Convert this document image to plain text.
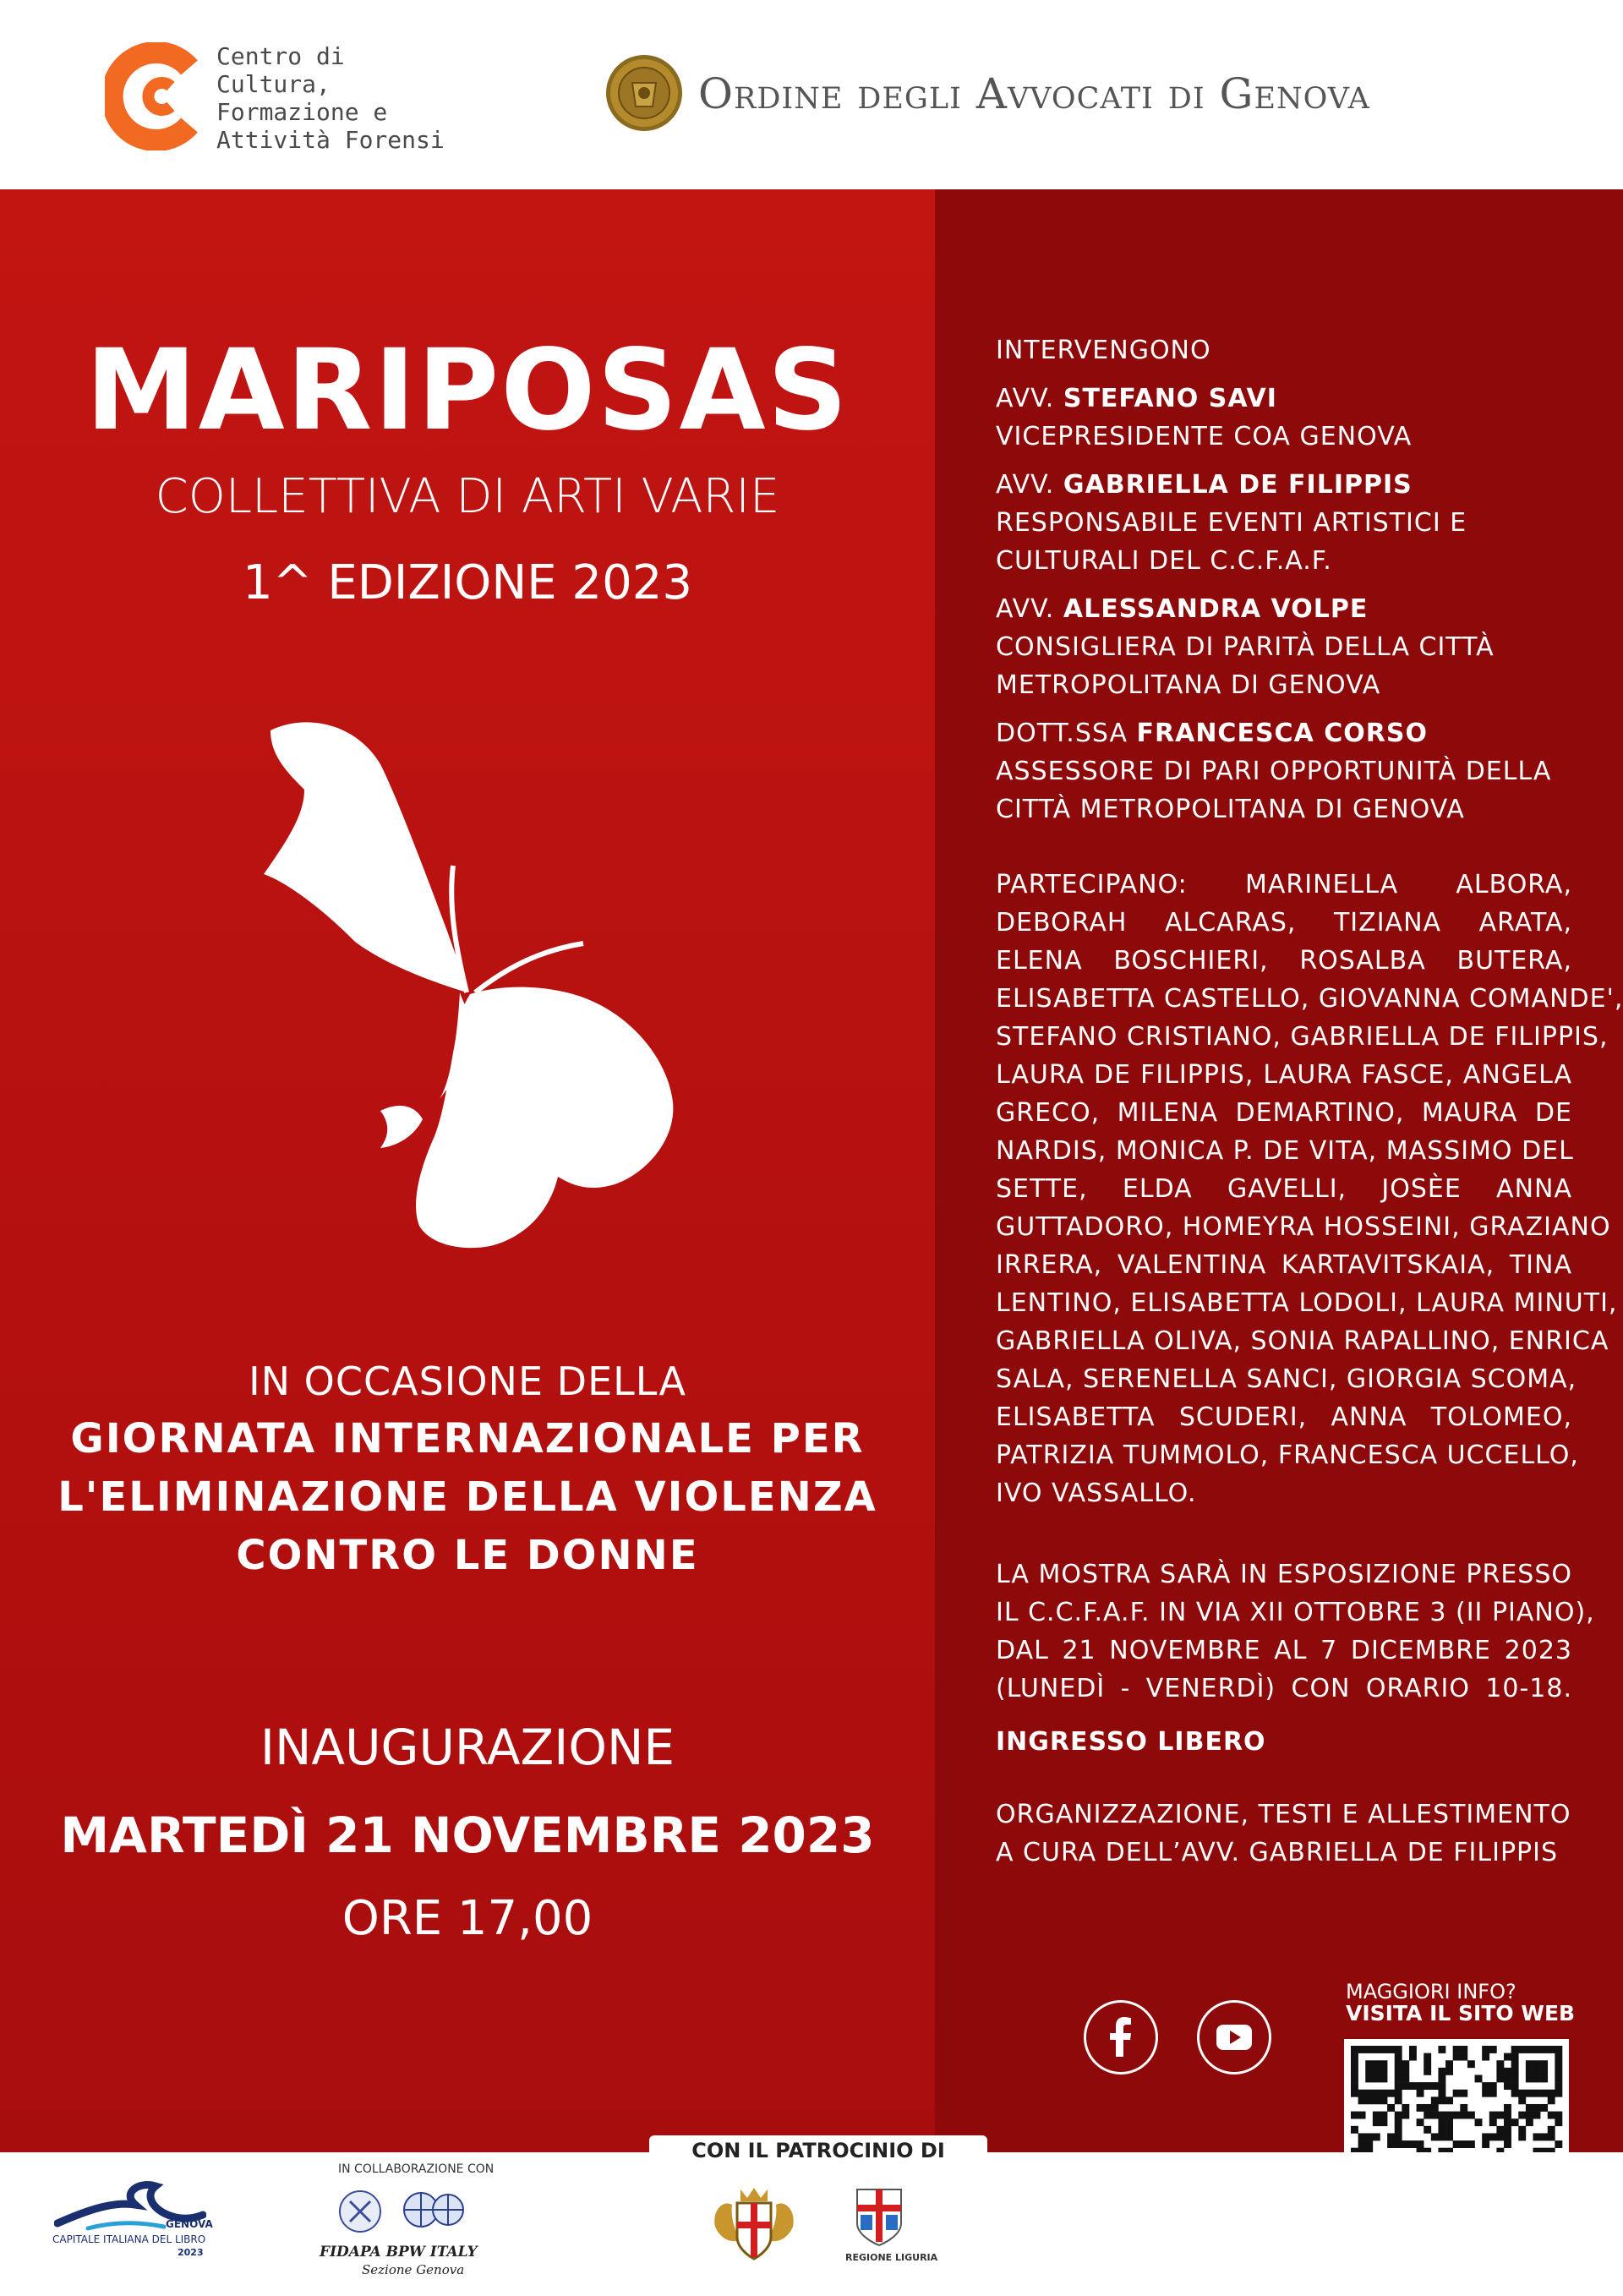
Centro di
Cultura,
Formazione e
Attività Forensi
Ordine degli Avvocati di Genova
MARIPOSAS
COLLETTIVA DI ARTI VARIE
1^ EDIZIONE 2023
IN OCCASIONE DELLA
GIORNATA INTERNAZIONALE PER
L'ELIMINAZIONE DELLA VIOLENZA
CONTRO LE DONNE
INAUGURAZIONE
MARTEDÌ 21 NOVEMBRE 2023
ORE 17,00
INTERVENGONO
AVV. STEFANO SAVI
VICEPRESIDENTE COA GENOVA
AVV. GABRIELLA DE FILIPPIS
RESPONSABILE EVENTI ARTISTICI E
CULTURALI DEL C.C.F.A.F.
AVV. ALESSANDRA VOLPE
CONSIGLIERA DI PARITÀ DELLA CITTÀ
METROPOLITANA DI GENOVA
DOTT.SSA FRANCESCA CORSO
ASSESSORE DI PARI OPPORTUNITÀ DELLA
CITTÀ METROPOLITANA DI GENOVA
PARTECIPANO: MARINELLA ALBORA,
DEBORAH ALCARAS, TIZIANA ARATA,
ELENA BOSCHIERI, ROSALBA BUTERA,
ELISABETTA CASTELLO, GIOVANNA COMANDE',
STEFANO CRISTIANO, GABRIELLA DE FILIPPIS,
LAURA DE FILIPPIS, LAURA FASCE, ANGELA
GRECO, MILENA DEMARTINO, MAURA DE
NARDIS, MONICA P. DE VITA, MASSIMO DEL
SETTE, ELDA GAVELLI, JOSÈE ANNA
GUTTADORO, HOMEYRA HOSSEINI, GRAZIANO
IRRERA, VALENTINA KARTAVITSKAIA, TINA
LENTINO, ELISABETTA LODOLI, LAURA MINUTI,
GABRIELLA OLIVA, SONIA RAPALLINO, ENRICA
SALA, SERENELLA SANCI, GIORGIA SCOMA,
ELISABETTA SCUDERI, ANNA TOLOMEO,
PATRIZIA TUMMOLO, FRANCESCA UCCELLO,
IVO VASSALLO.
LA MOSTRA SARÀ IN ESPOSIZIONE PRESSO
IL C.C.F.A.F. IN VIA XII OTTOBRE 3 (II PIANO),
DAL 21 NOVEMBRE AL 7 DICEMBRE 2023
(LUNEDÌ - VENERDÌ) CON ORARIO 10-18.
INGRESSO LIBERO
ORGANIZZAZIONE, TESTI E ALLESTIMENTO
A CURA DELL’AVV. GABRIELLA DE FILIPPIS
MAGGIORI INFO?
VISITA IL SITO WEB
CON IL PATROCINIO DI
GENOVA
CAPITALE ITALIANA DEL LIBRO
2023
IN COLLABORAZIONE CON
FIDAPA BPW ITALY
Sezione Genova
REGIONE LIGURIA
